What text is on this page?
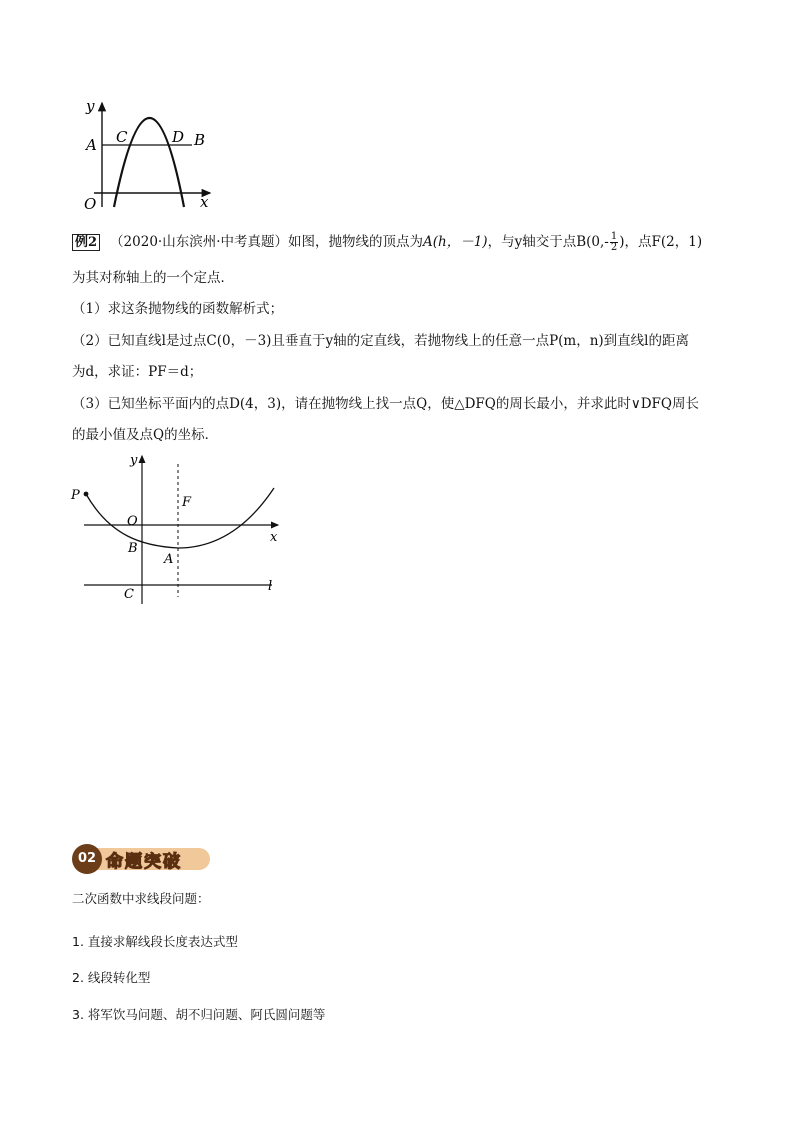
y
x
O
A	B
C	D
例2 （2020·山东滨州·中考真题）如图，抛物线的顶点为A(h，－1)，与y轴交于点$B(0,- \frac{1}{2}$ )，点F(2，1)
为其对称轴上的一个定点．
（1）求这条抛物线的函数解析式；
（2）已知直线l是过点C(0，－3)且垂直于y轴的定直线，若抛物线上的任意一点P(m，n)到直线l的距离
为d，求证：PF＝d；
（3）已知坐标平面内的点D(4，3)，请在抛物线上找一点Q，使△DFQ的周长最小，并求此时∨DFQ周长
的最小值及点Q的坐标．
y
x
P
O
F
B
A
C
l
02 命题突破
二次函数中求线段问题：
1. 直接求解线段长度表达式型
2. 线段转化型
3. 将军饮马问题、胡不归问题、阿氏圆问题等
